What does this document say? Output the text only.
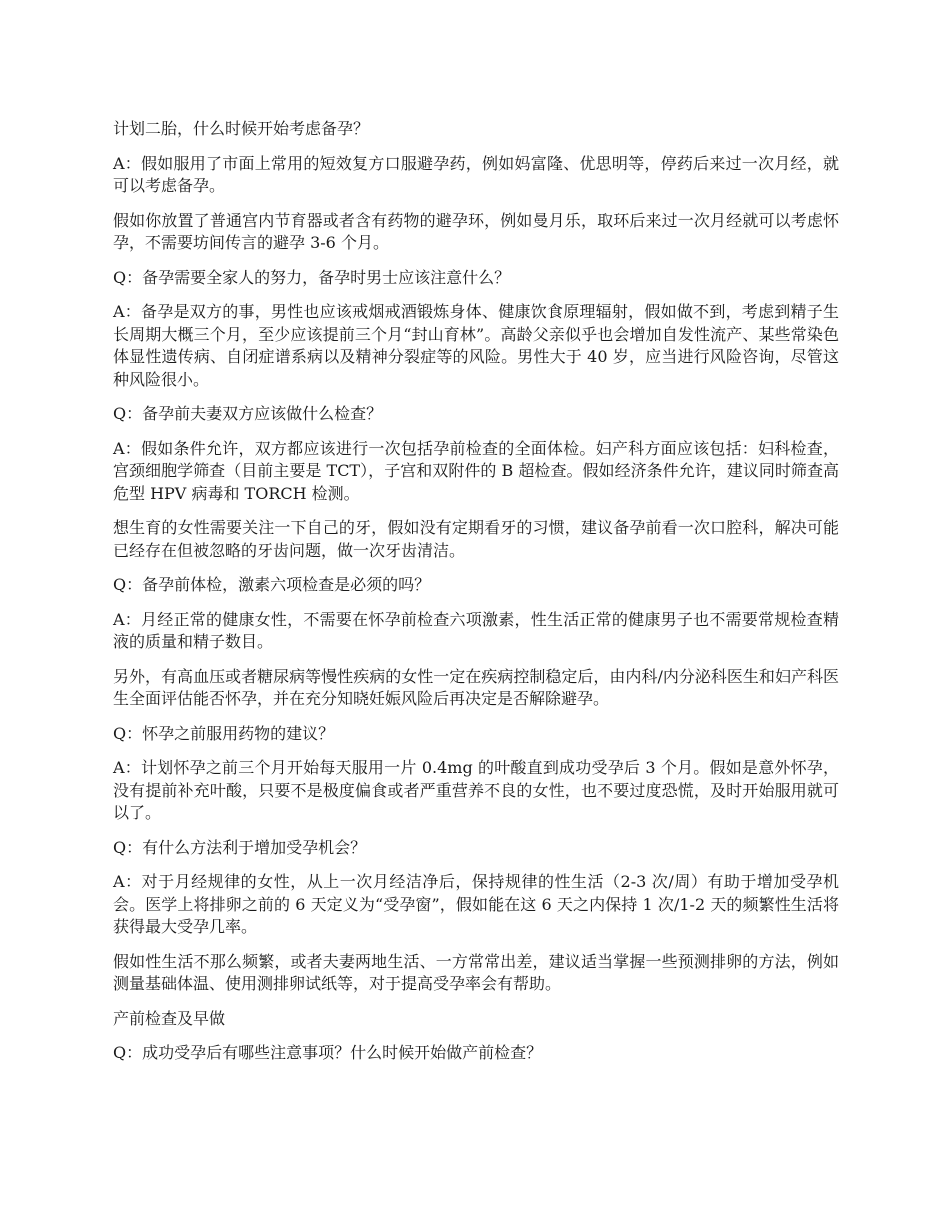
计划二胎，什么时候开始考虑备孕？

A：假如服用了市面上常用的短效复方口服避孕药，例如妈富隆、优思明等，停药后来过一次月经，就可以考虑备孕。

假如你放置了普通宫内节育器或者含有药物的避孕环，例如曼月乐，取环后来过一次月经就可以考虑怀孕，不需要坊间传言的避孕 3-6 个月。

Q：备孕需要全家人的努力，备孕时男士应该注意什么？

A：备孕是双方的事，男性也应该戒烟戒酒锻炼身体、健康饮食原理辐射，假如做不到，考虑到精子生长周期大概三个月，至少应该提前三个月“封山育林”。高龄父亲似乎也会增加自发性流产、某些常染色体显性遗传病、自闭症谱系病以及精神分裂症等的风险。男性大于 40 岁，应当进行风险咨询，尽管这种风险很小。

Q：备孕前夫妻双方应该做什么检查？

A：假如条件允许，双方都应该进行一次包括孕前检查的全面体检。妇产科方面应该包括：妇科检查，宫颈细胞学筛查（目前主要是 TCT），子宫和双附件的 B 超检查。假如经济条件允许，建议同时筛查高危型 HPV 病毒和 TORCH 检测。

想生育的女性需要关注一下自己的牙，假如没有定期看牙的习惯，建议备孕前看一次口腔科，解决可能已经存在但被忽略的牙齿问题，做一次牙齿清洁。

Q：备孕前体检，激素六项检查是必须的吗？

A：月经正常的健康女性，不需要在怀孕前检查六项激素，性生活正常的健康男子也不需要常规检查精液的质量和精子数目。

另外，有高血压或者糖尿病等慢性疾病的女性一定在疾病控制稳定后，由内科/内分泌科医生和妇产科医生全面评估能否怀孕，并在充分知晓妊娠风险后再决定是否解除避孕。

Q：怀孕之前服用药物的建议？

A：计划怀孕之前三个月开始每天服用一片 0.4mg 的叶酸直到成功受孕后 3 个月。假如是意外怀孕，没有提前补充叶酸，只要不是极度偏食或者严重营养不良的女性，也不要过度恐慌，及时开始服用就可以了。

Q：有什么方法利于增加受孕机会？

A：对于月经规律的女性，从上一次月经洁净后，保持规律的性生活（2-3 次/周）有助于增加受孕机会。医学上将排卵之前的 6 天定义为“受孕窗”，假如能在这 6 天之内保持 1 次/1-2 天的频繁性生活将获得最大受孕几率。

假如性生活不那么频繁，或者夫妻两地生活、一方常常出差，建议适当掌握一些预测排卵的方法，例如测量基础体温、使用测排卵试纸等，对于提高受孕率会有帮助。

产前检查及早做

Q：成功受孕后有哪些注意事项？什么时候开始做产前检查？
